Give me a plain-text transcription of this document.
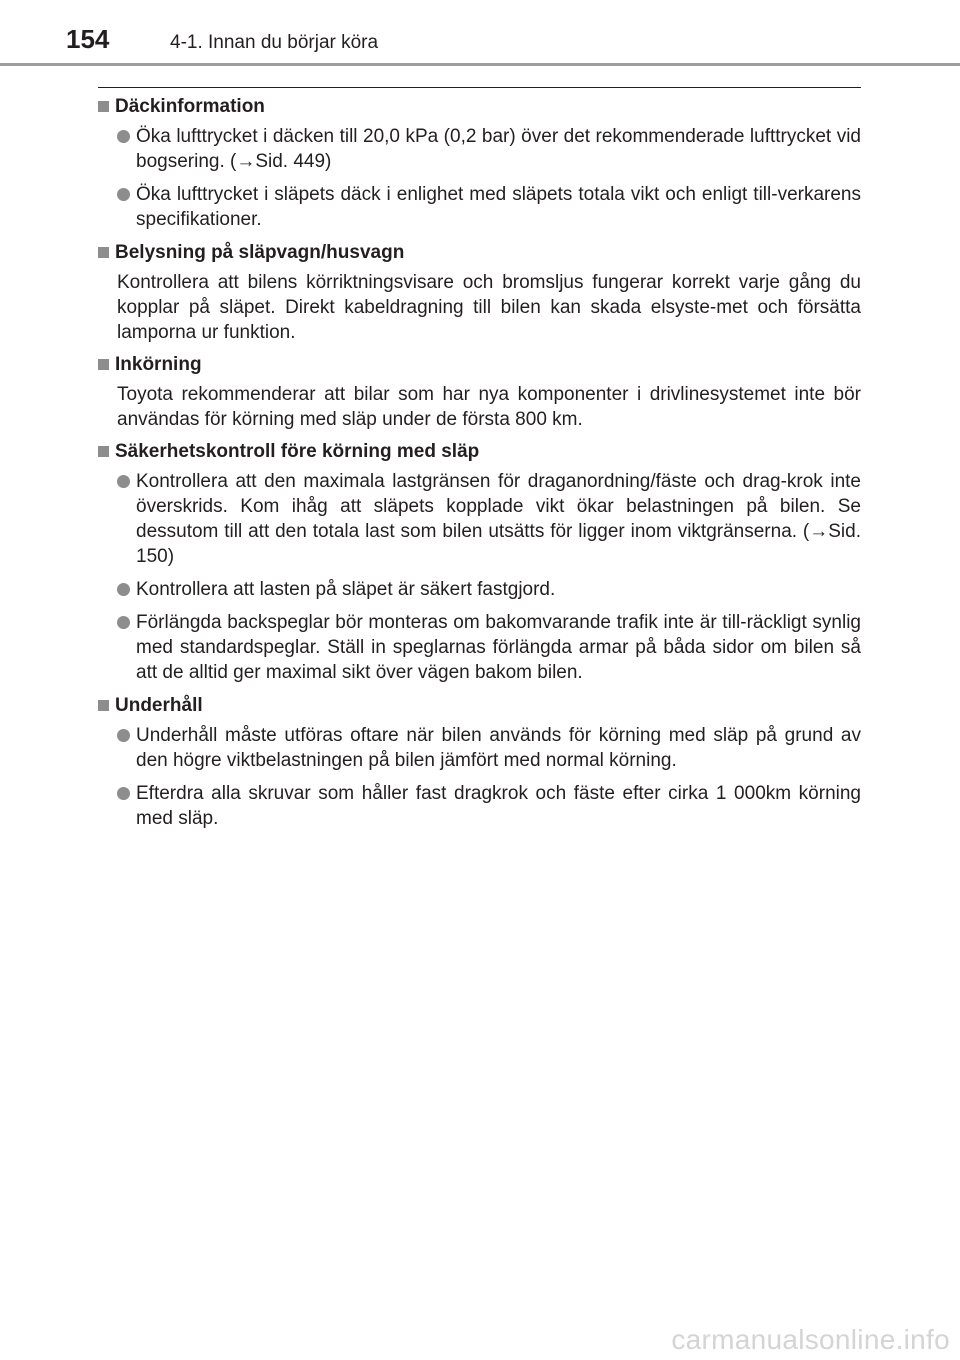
154	4-1. Innan du börjar köra
Däckinformation
Öka lufttrycket i däcken till 20,0 kPa (0,2 bar) över det rekommenderade lufttrycket vid bogsering. (→Sid. 449)
Öka lufttrycket i släpets däck i enlighet med släpets totala vikt och enligt till-verkarens specifikationer.
Belysning på släpvagn/husvagn
Kontrollera att bilens körriktningsvisare och bromsljus fungerar korrekt varje gång du kopplar på släpet. Direkt kabeldragning till bilen kan skada elsyste-met och försätta lamporna ur funktion.
Inkörning
Toyota rekommenderar att bilar som har nya komponenter i drivlinesystemet inte bör användas för körning med släp under de första 800 km.
Säkerhetskontroll före körning med släp
Kontrollera att den maximala lastgränsen för draganordning/fäste och drag-krok inte överskrids. Kom ihåg att släpets kopplade vikt ökar belastningen på bilen. Se dessutom till att den totala last som bilen utsätts för ligger inom viktgränserna. (→Sid. 150)
Kontrollera att lasten på släpet är säkert fastgjord.
Förlängda backspeglar bör monteras om bakomvarande trafik inte är till-räckligt synlig med standardspeglar. Ställ in speglarnas förlängda armar på båda sidor om bilen så att de alltid ger maximal sikt över vägen bakom bilen.
Underhåll
Underhåll måste utföras oftare när bilen används för körning med släp på grund av den högre viktbelastningen på bilen jämfört med normal körning.
Efterdra alla skruvar som håller fast dragkrok och fäste efter cirka 1 000km körning med släp.
carmanualsonline.info
